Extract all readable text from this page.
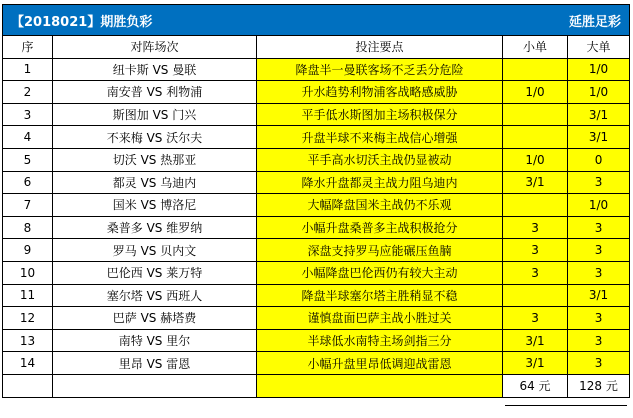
【2018021】期胜负彩			延胜足彩	
序	对阵场次	投注要点	小单	大单
1	纽卡斯 VS 曼联	降盘半一曼联客场不乏丢分危险		1/0
2	南安普 VS 利物浦	升水趋势利物浦客战略感威胁	1/0	1/0
3	斯图加 VS 门兴	平手低水斯图加主场积极保分		3/1
4	不来梅 VS 沃尔夫	升盘半球不来梅主战信心增强		3/1
5	切沃 VS 热那亚	平手高水切沃主战仍显被动	1/0	0
6	都灵 VS 乌迪内	降水升盘都灵主战力阻乌迪内	3/1	3
7	国米 VS 博洛尼	大幅降盘国米主战仍不乐观		1/0
8	桑普多 VS 维罗纳	小幅升盘桑普多主战积极抢分	3	3
9	罗马 VS 贝内文	深盘支持罗马应能碾压鱼腩	3	3
10	巴伦西 VS 莱万特	小幅降盘巴伦西仍有较大主动	3	3
11	塞尔塔 VS 西班人	降盘半球塞尔塔主胜稍显不稳		3/1
12	巴萨 VS 赫塔费	谨慎盘面巴萨主战小胜过关	3	3
13	南特 VS 里尔	半球低水南特主场剑指三分	3/1	3
14	里昂 VS 雷恩	小幅升盘里昂低调迎战雷恩	3/1	3
			64 元	128 元
